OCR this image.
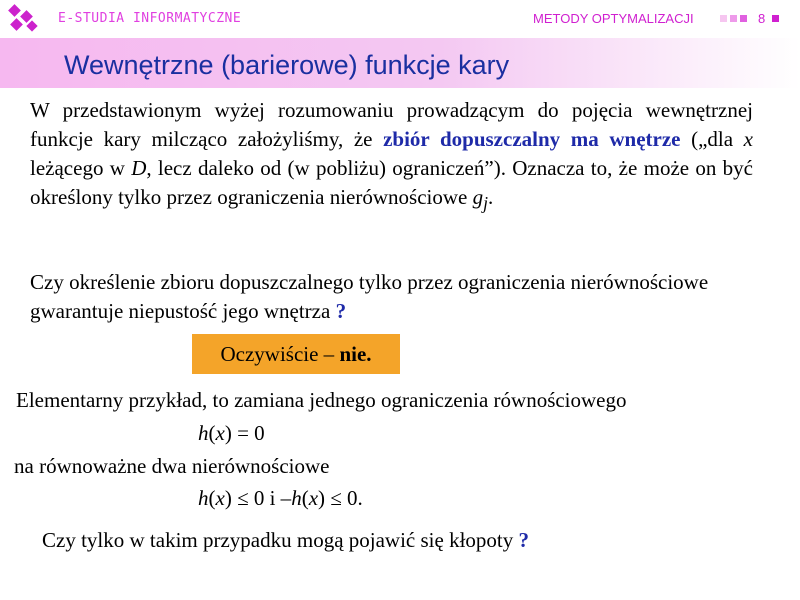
E-STUDIA INFORMATYCZNE	METODY OPTYMALIZACJI	8
Wewnętrzne (barierowe) funkcje kary
W przedstawionym wyżej rozumowaniu prowadzącym do pojęcia wewnętrznej funkcje kary milcząco założyliśmy, że zbiór dopuszczalny ma wnętrze („dla x leżącego w D, lecz daleko od (w pobliżu) ograniczeń”). Oznacza to, że może on być określony tylko przez ograniczenia nierównościowe $g_j$.
Czy określenie zbioru dopuszczalnego tylko przez ograniczenia nierównościowe gwarantuje niepustość jego wnętrza ?
Oczywiście – nie.
Elementarny przykład, to zamiana jednego ograniczenia równościowego
h(x) = 0
na równoważne dwa nierównościowe
h(x) ≤ 0 i –h(x) ≤ 0.
Czy tylko w takim przypadku mogą pojawić się kłopoty ?
